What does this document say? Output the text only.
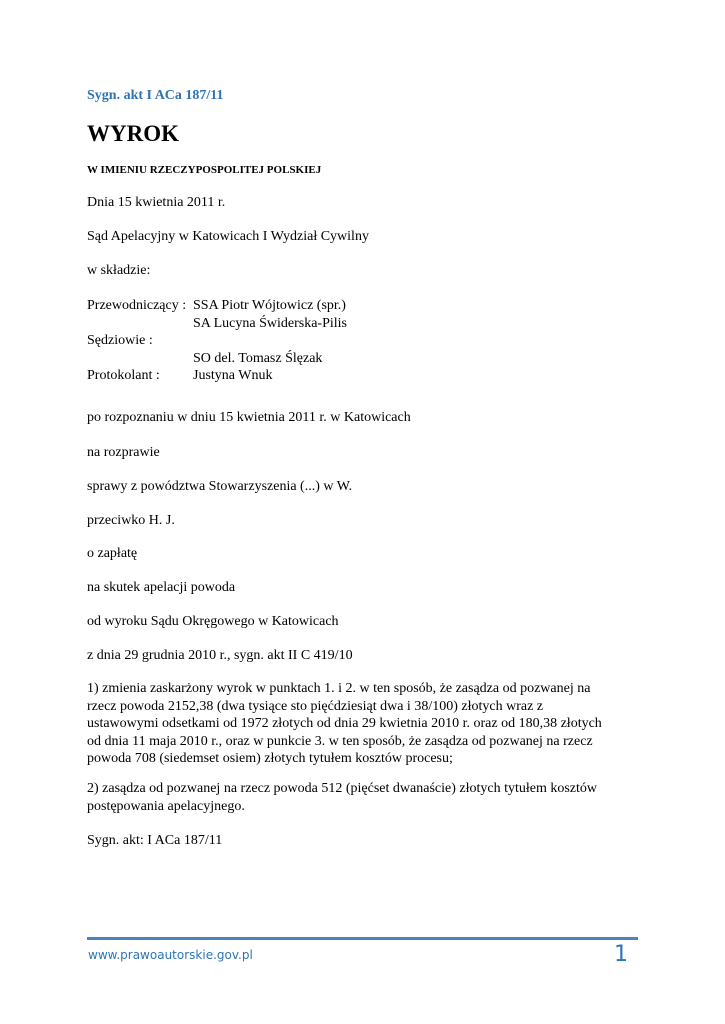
Sygn. akt I ACa 187/11
WYROK
W IMIENIU RZECZYPOSPOLITEJ POLSKIEJ
Dnia 15 kwietnia 2011 r.
Sąd Apelacyjny w Katowicach I Wydział Cywilny
w składzie:
Przewodniczący : SSA Piotr Wójtowicz (spr.)
SA Lucyna Świderska-Pilis
Sędziowie :
SO del. Tomasz Ślęzak
Protokolant : Justyna Wnuk
po rozpoznaniu w dniu 15 kwietnia 2011 r. w Katowicach
na rozprawie
sprawy z powództwa Stowarzyszenia (...) w W.
przeciwko H. J.
o zapłatę
na skutek apelacji powoda
od wyroku Sądu Okręgowego w Katowicach
z dnia 29 grudnia 2010 r., sygn. akt II C 419/10
1) zmienia zaskarżony wyrok w punktach 1. i 2. w ten sposób, że zasądza od pozwanej na
rzecz powoda 2152,38 (dwa tysiące sto pięćdziesiąt dwa i 38/100) złotych wraz z
ustawowymi odsetkami od 1972 złotych od dnia 29 kwietnia 2010 r. oraz od 180,38 złotych
od dnia 11 maja 2010 r., oraz w punkcie 3. w ten sposób, że zasądza od pozwanej na rzecz
powoda 708 (siedemset osiem) złotych tytułem kosztów procesu;
2) zasądza od pozwanej na rzecz powoda 512 (pięćset dwanaście) złotych tytułem kosztów
postępowania apelacyjnego.
Sygn. akt: I ACa 187/11
www.prawoautorskie.gov.pl	1
